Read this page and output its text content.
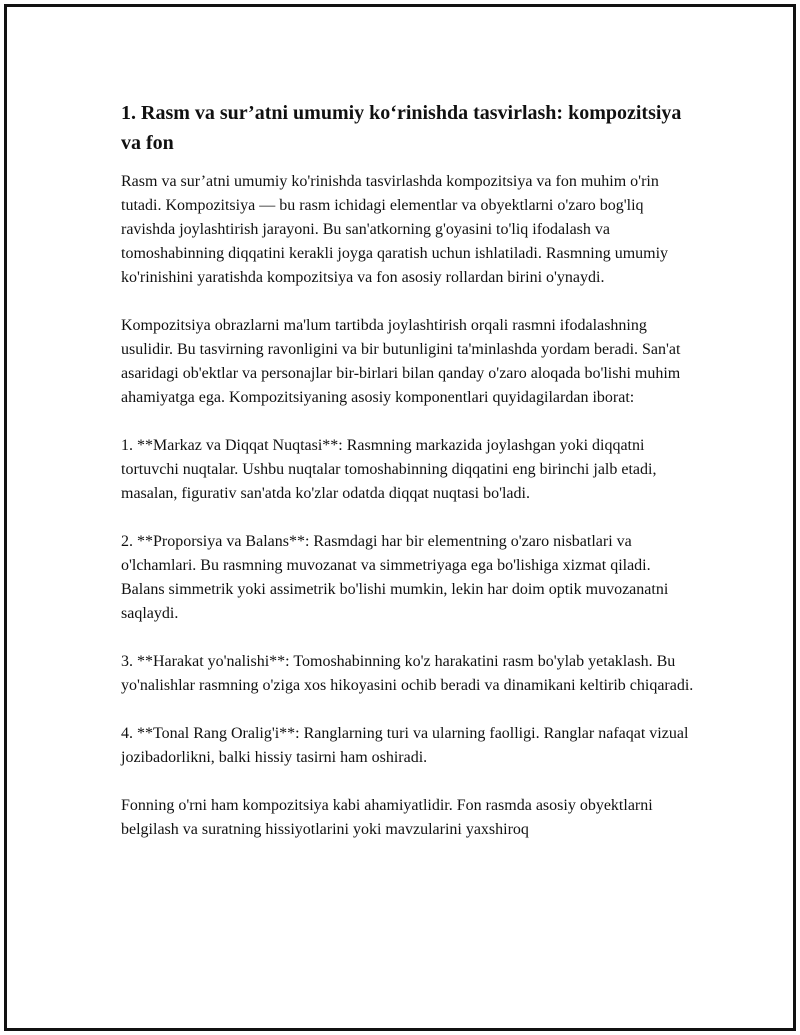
1. Rasm va sur’atni umumiy ko‘rinishda tasvirlash: kompozitsiya va fon

Rasm va sur’atni umumiy ko'rinishda tasvirlashda kompozitsiya va fon muhim o'rin tutadi. Kompozitsiya — bu rasm ichidagi elementlar va obyektlarni o'zaro bog'liq ravishda joylashtirish jarayoni. Bu san'atkorning g'oyasini to'liq ifodalash va tomoshabinning diqqatini kerakli joyga qaratish uchun ishlatiladi. Rasmning umumiy ko'rinishini yaratishda kompozitsiya va fon asosiy rollardan birini o'ynaydi.

Kompozitsiya obrazlarni ma'lum tartibda joylashtirish orqali rasmni ifodalashning usulidir. Bu tasvirning ravonligini va bir butunligini ta'minlashda yordam beradi. San'at asaridagi ob'ektlar va personajlar bir-birlari bilan qanday o'zaro aloqada bo'lishi muhim ahamiyatga ega. Kompozitsiyaning asosiy komponentlari quyidagilardan iborat:

1. **Markaz va Diqqat Nuqtasi**: Rasmning markazida joylashgan yoki diqqatni tortuvchi nuqtalar. Ushbu nuqtalar tomoshabinning diqqatini eng birinchi jalb etadi, masalan, figurativ san'atda ko'zlar odatda diqqat nuqtasi bo'ladi.

2. **Proporsiya va Balans**: Rasmdagi har bir elementning o'zaro nisbatlari va o'lchamlari. Bu rasmning muvozanat va simmetriyaga ega bo'lishiga xizmat qiladi. Balans simmetrik yoki assimetrik bo'lishi mumkin, lekin har doim optik muvozanatni saqlaydi.

3. **Harakat yo'nalishi**: Tomoshabinning ko'z harakatini rasm bo'ylab yetaklash. Bu yo'nalishlar rasmning o'ziga xos hikoyasini ochib beradi va dinamikani keltirib chiqaradi.

4. **Tonal Rang Oralig'i**: Ranglarning turi va ularning faolligi. Ranglar nafaqat vizual jozibadorlikni, balki hissiy tasirni ham oshiradi.

Fonning o'rni ham kompozitsiya kabi ahamiyatlidir. Fon rasmda asosiy obyektlarni belgilash va suratning hissiyotlarini yoki mavzularini yaxshiroq
